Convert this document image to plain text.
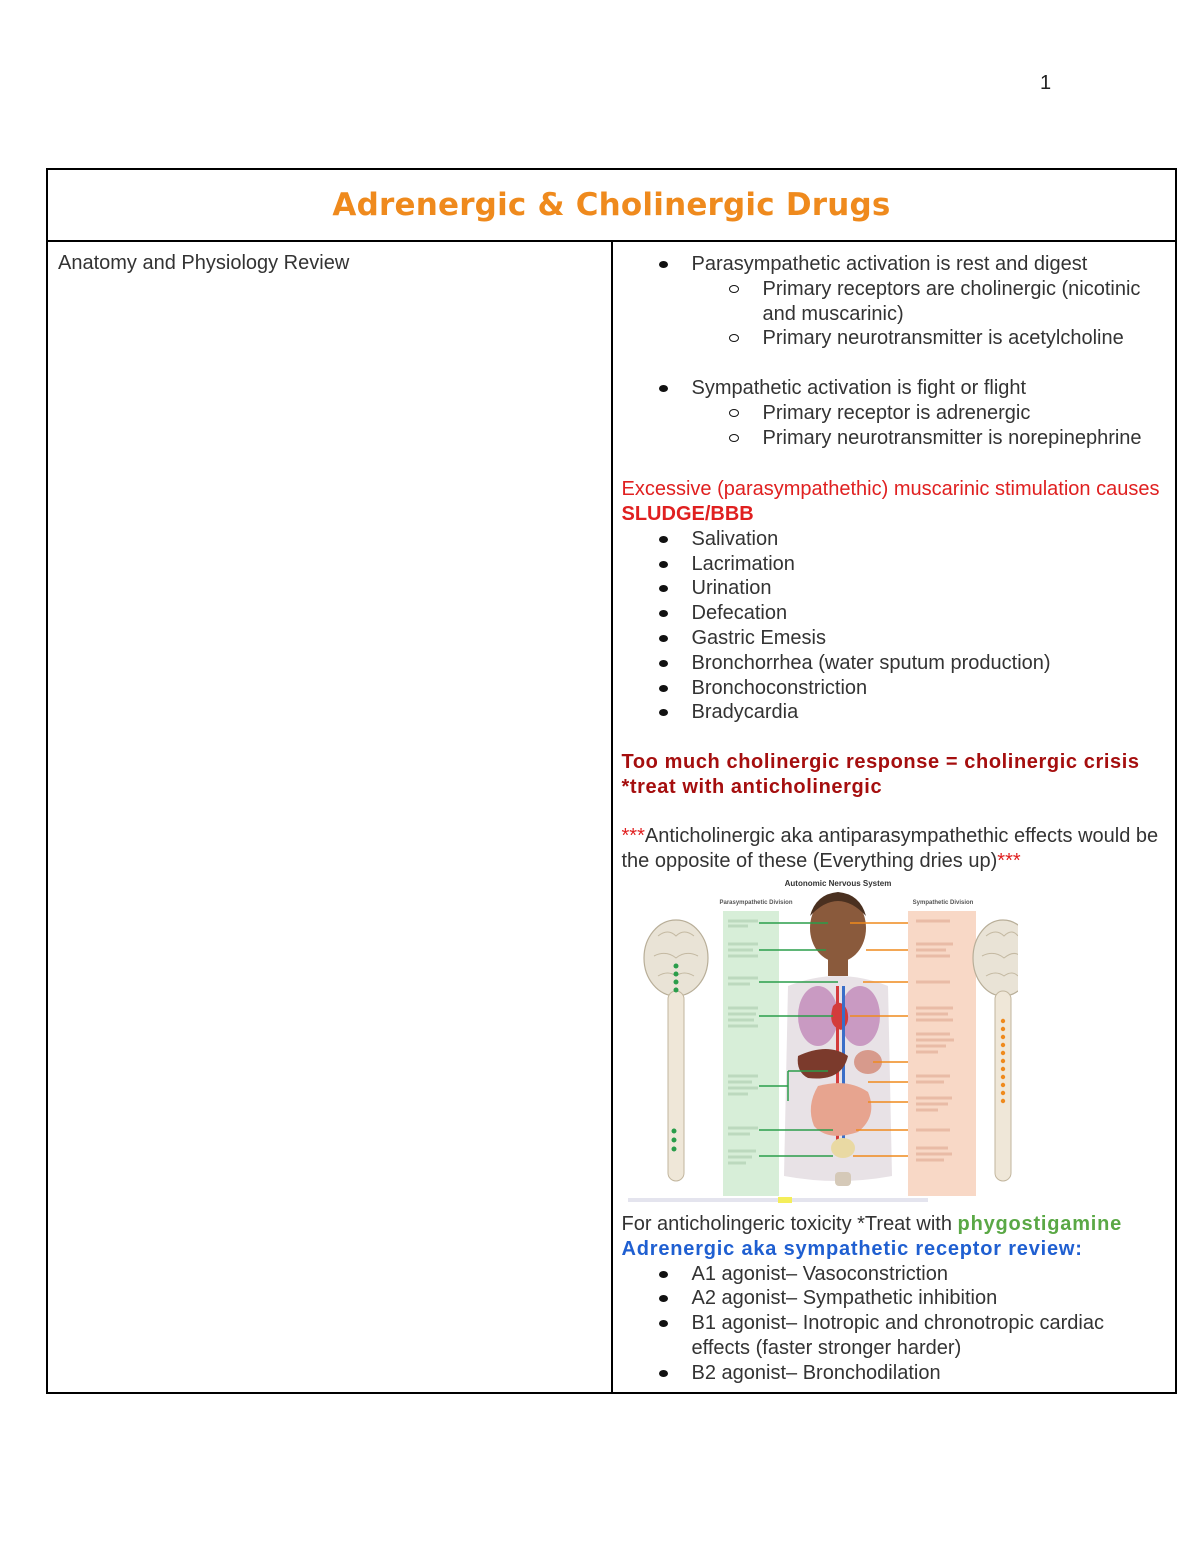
1
Adrenergic & Cholinergic Drugs
Anatomy and Physiology Review	Parasympathetic activation is rest and digest
Primary receptors are cholinergic (nicotinic and muscarinic)
Primary neurotransmitter is acetylcholine
Sympathetic activation is fight or flight
Primary receptor is adrenergic
Primary neurotransmitter is norepinephrine
Excessive (parasympathethic) muscarinic stimulation causes SLUDGE/BBB
Salivation
Lacrimation
Urination
Defecation
Gastric Emesis
Bronchorrhea (water sputum production)
Bronchoconstriction
Bradycardia
Too much cholinergic response = cholinergic crisis
*treat with anticholinergic
***Anticholinergic aka antiparasympathethic effects would be the opposite of these (Everything dries up)***
Autonomic Nervous System
Parasympathetic Division	Sympathetic Division
For anticholingeric toxicity *Treat with phygostigamine
Adrenergic aka sympathetic receptor review:
A1 agonist– Vasoconstriction
A2 agonist– Sympathetic inhibition
B1 agonist– Inotropic and chronotropic cardiac effects (faster stronger harder)
B2 agonist– Bronchodilation
